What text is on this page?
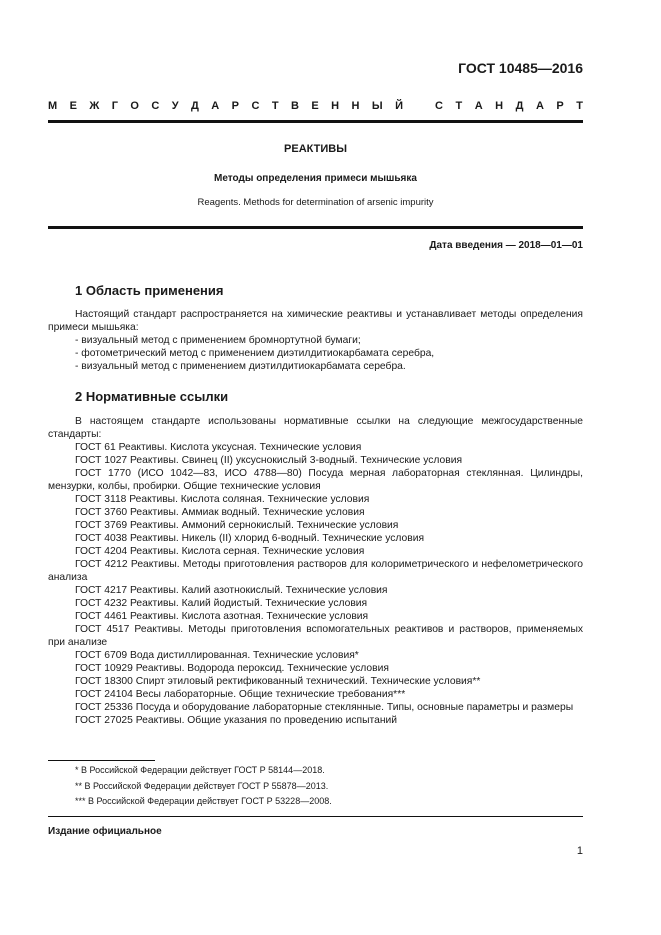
ГОСТ 10485—2016
М Е Ж Г О С У Д А Р С Т В Е Н Н Ы Й	С Т А Н Д А Р Т
РЕАКТИВЫ
Методы определения примеси мышьяка
Reagents. Methods for determination of arsenic impurity
Дата введения — 2018—01—01
1 Область применения

Настоящий стандарт распространяется на химические реактивы и устанавливает методы определения примеси мышьяка:

- визуальный метод с применением бромнортутной бумаги;

- фотометрический метод с применением диэтилдитиокарбамата серебра,

- визуальный метод с применением диэтилдитиокарбамата серебра.

2 Нормативные ссылки

В настоящем стандарте использованы нормативные ссылки на следующие межгосударственные стандарты:

ГОСТ 61 Реактивы. Кислота уксусная. Технические условия

ГОСТ 1027 Реактивы. Свинец (II) уксуснокислый 3-водный. Технические условия

ГОСТ 1770 (ИСО 1042—83, ИСО 4788—80) Посуда мерная лабораторная стеклянная. Цилиндры, мензурки, колбы, пробирки. Общие технические условия

ГОСТ 3118 Реактивы. Кислота соляная. Технические условия

ГОСТ 3760 Реактивы. Аммиак водный. Технические условия

ГОСТ 3769 Реактивы. Аммоний сернокислый. Технические условия

ГОСТ 4038 Реактивы. Никель (II) хлорид 6-водный. Технические условия

ГОСТ 4204 Реактивы. Кислота серная. Технические условия

ГОСТ 4212 Реактивы. Методы приготовления растворов для колориметрического и нефелометрического анализа

ГОСТ 4217 Реактивы. Калий азотнокислый. Технические условия

ГОСТ 4232 Реактивы. Калий йодистый. Технические условия

ГОСТ 4461 Реактивы. Кислота азотная. Технические условия

ГОСТ 4517 Реактивы. Методы приготовления вспомогательных реактивов и растворов, применяемых при анализе

ГОСТ 6709 Вода дистиллированная. Технические условия*

ГОСТ 10929 Реактивы. Водорода пероксид. Технические условия

ГОСТ 18300 Спирт этиловый ректификованный технический. Технические условия**

ГОСТ 24104 Весы лабораторные. Общие технические требования***

ГОСТ 25336 Посуда и оборудование лабораторные стеклянные. Типы, основные параметры и размеры

ГОСТ 27025 Реактивы. Общие указания по проведению испытаний

* В Российской Федерации действует ГОСТ Р 58144—2018.
** В Российской Федерации действует ГОСТ Р 55878—2013.
*** В Российской Федерации действует ГОСТ Р 53228—2008.
Издание официальное
1
